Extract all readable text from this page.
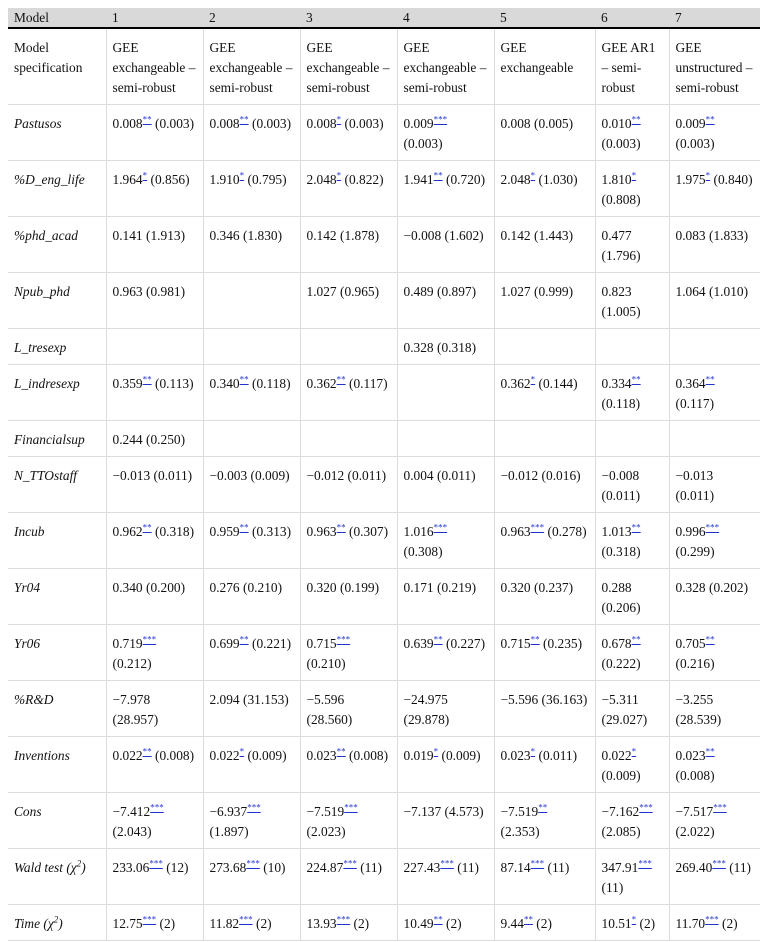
Model	1	2	3	4	5	6	7
Model specification	GEE exchangeable – semi-robust	GEE exchangeable – semi-robust	GEE exchangeable – semi-robust	GEE exchangeable – semi-robust	GEE exchangeable	GEE AR1 – semi-robust	GEE unstructured – semi-robust
Pastusos	0.008** (0.003)	0.008** (0.003)	0.008* (0.003)	0.009*** (0.003)	0.008 (0.005)	0.010** (0.003)	0.009** (0.003)
%D_eng_life	1.964* (0.856)	1.910* (0.795)	2.048* (0.822)	1.941** (0.720)	2.048* (1.030)	1.810* (0.808)	1.975* (0.840)
%phd_acad	0.141 (1.913)	0.346 (1.830)	0.142 (1.878)	−0.008 (1.602)	0.142 (1.443)	0.477 (1.796)	0.083 (1.833)
Npub_phd	0.963 (0.981)		1.027 (0.965)	0.489 (0.897)	1.027 (0.999)	0.823 (1.005)	1.064 (1.010)
L_tresexp				0.328 (0.318)			
L_indresexp	0.359** (0.113)	0.340** (0.118)	0.362** (0.117)		0.362* (0.144)	0.334** (0.118)	0.364** (0.117)
Financialsup	0.244 (0.250)						
N_TTOstaff	−0.013 (0.011)	−0.003 (0.009)	−0.012 (0.011)	0.004 (0.011)	−0.012 (0.016)	−0.008 (0.011)	−0.013 (0.011)
Incub	0.962** (0.318)	0.959** (0.313)	0.963** (0.307)	1.016*** (0.308)	0.963*** (0.278)	1.013** (0.318)	0.996*** (0.299)
Yr04	0.340 (0.200)	0.276 (0.210)	0.320 (0.199)	0.171 (0.219)	0.320 (0.237)	0.288 (0.206)	0.328 (0.202)
Yr06	0.719*** (0.212)	0.699** (0.221)	0.715*** (0.210)	0.639** (0.227)	0.715** (0.235)	0.678** (0.222)	0.705** (0.216)
%R&D	−7.978 (28.957)	2.094 (31.153)	−5.596 (28.560)	−24.975 (29.878)	−5.596 (36.163)	−5.311 (29.027)	−3.255 (28.539)
Inventions	0.022** (0.008)	0.022* (0.009)	0.023** (0.008)	0.019* (0.009)	0.023* (0.011)	0.022* (0.009)	0.023** (0.008)
Cons	−7.412*** (2.043)	−6.937*** (1.897)	−7.519*** (2.023)	−7.137 (4.573)	−7.519** (2.353)	−7.162*** (2.085)	−7.517*** (2.022)
Wald test $(\chi^2)$	233.06*** (12)	273.68*** (10)	224.87*** (11)	227.43*** (11)	87.14*** (11)	347.91*** (11)	269.40*** (11)
Time $(\chi^2)$	12.75*** (2)	11.82*** (2)	13.93*** (2)	10.49** (2)	9.44** (2)	10.51* (2)	11.70*** (2)
